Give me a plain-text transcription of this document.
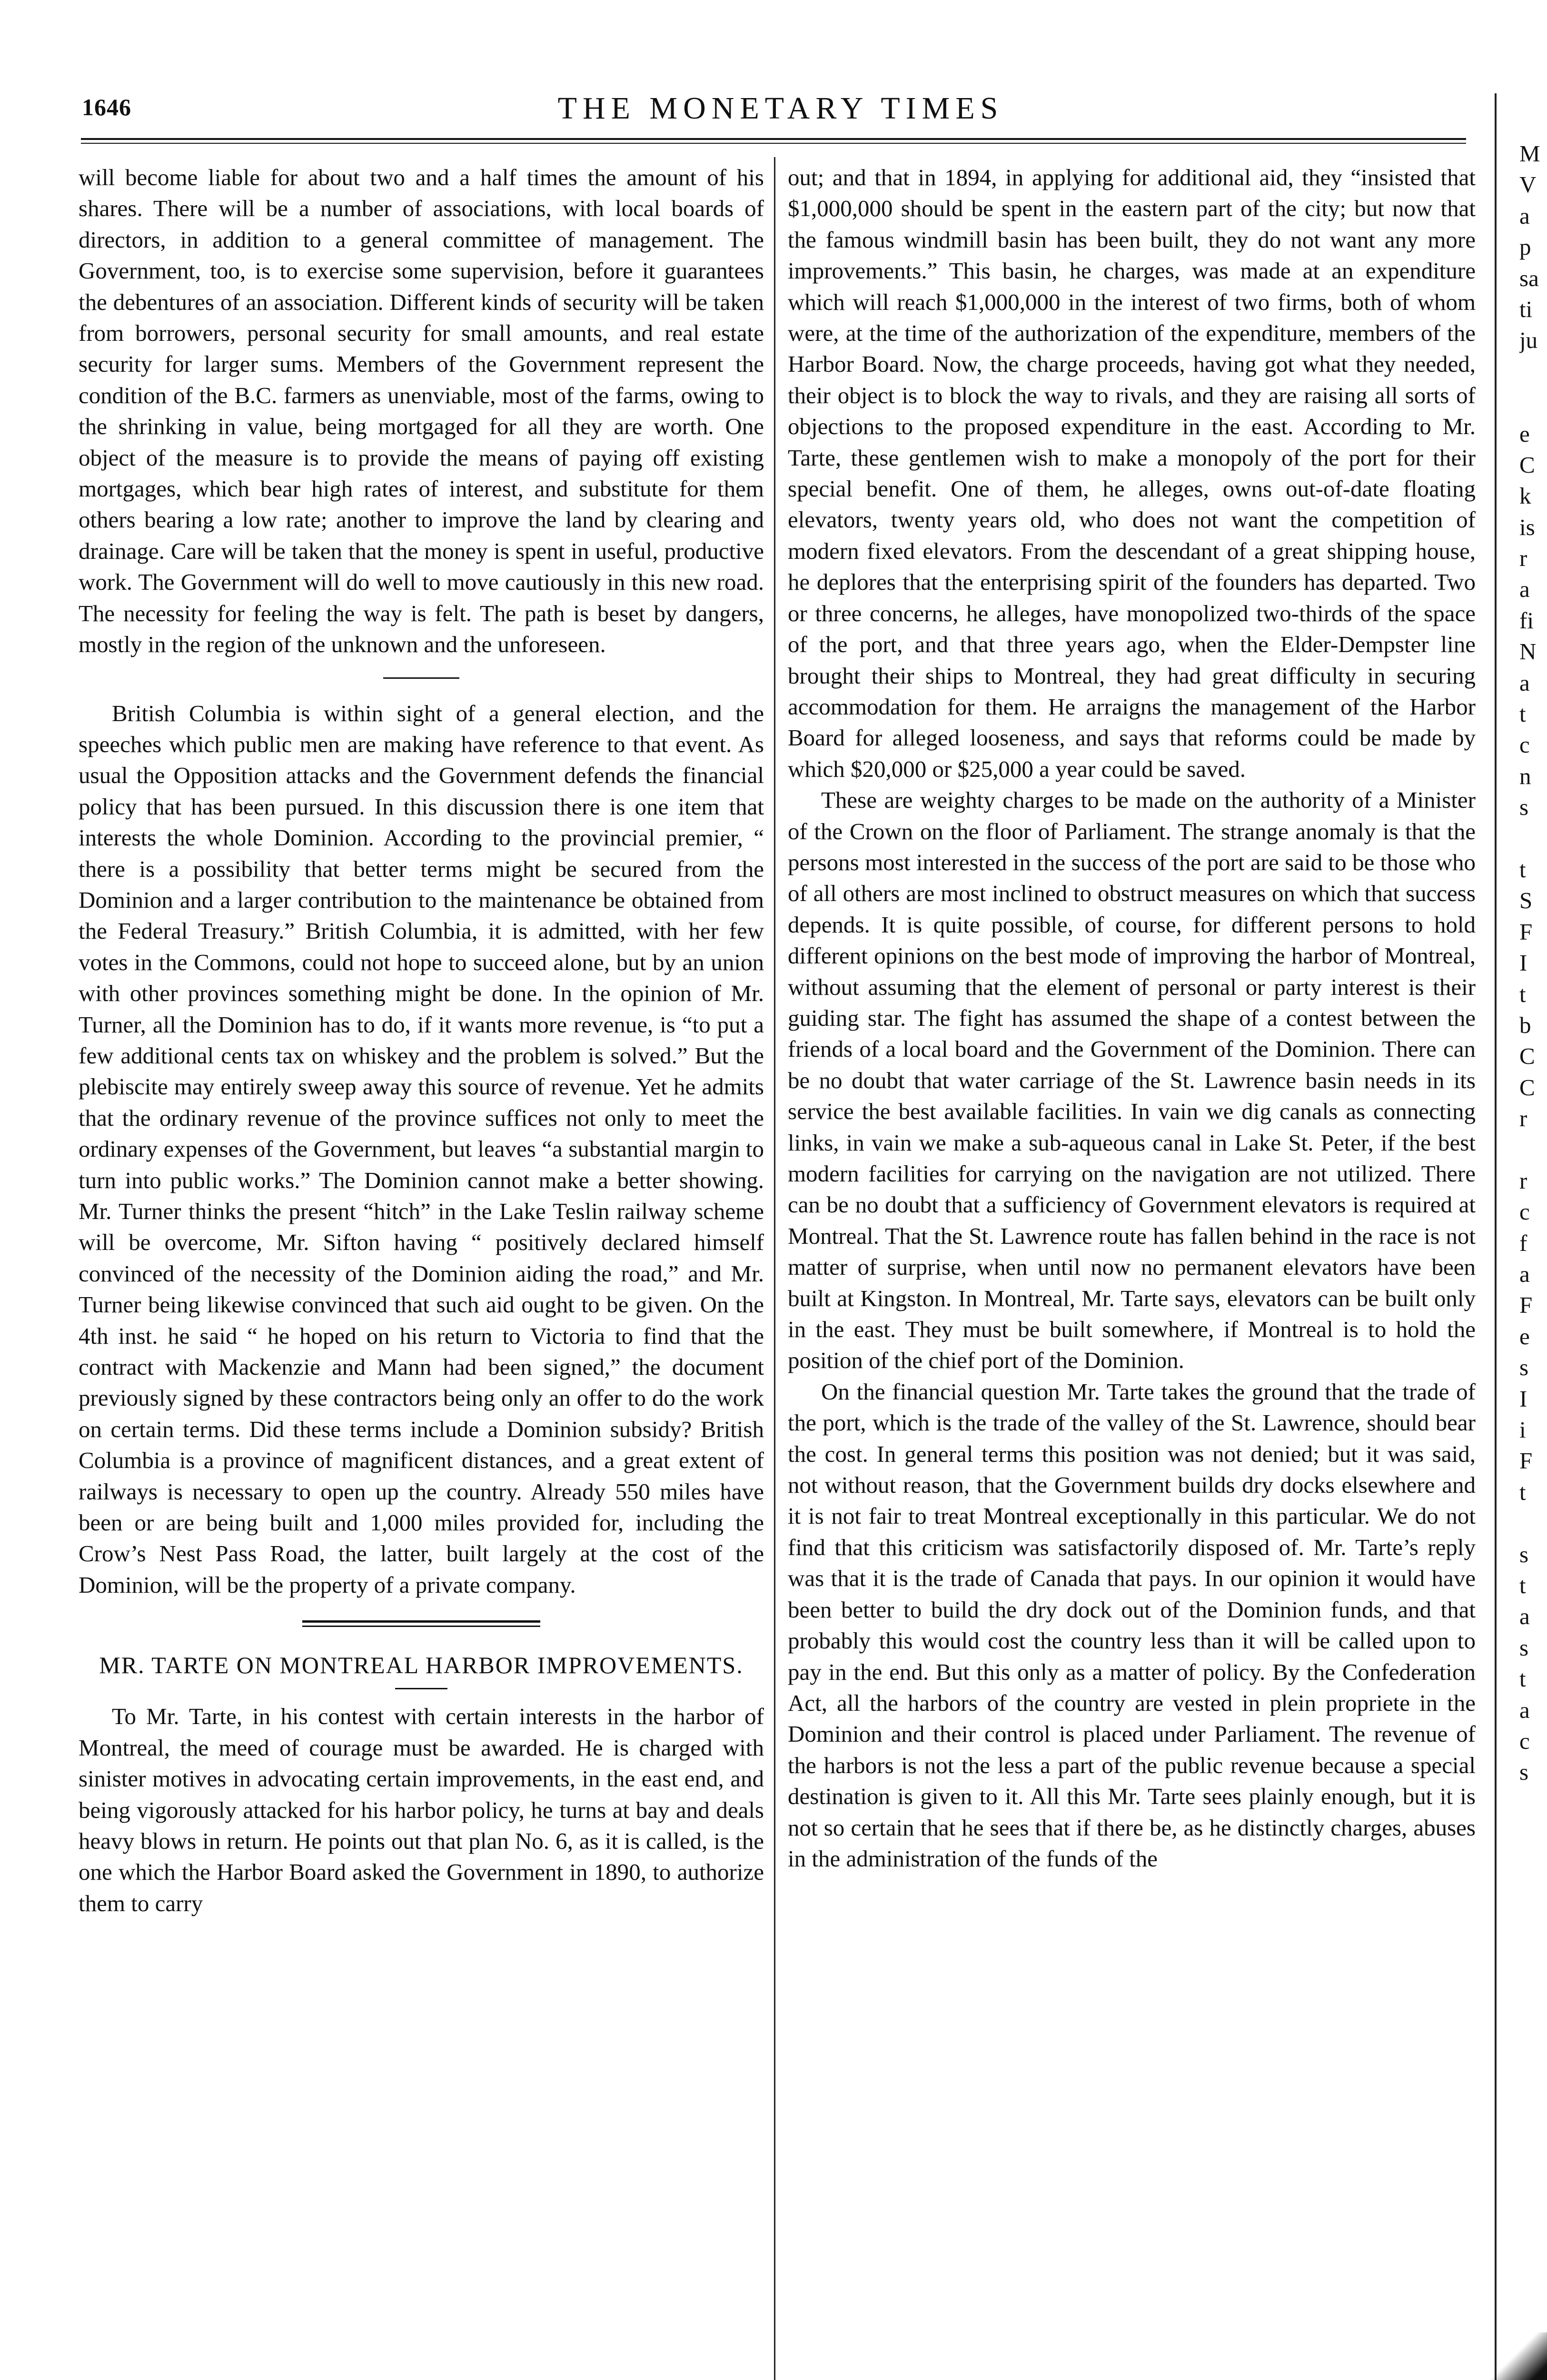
1646	THE MONETARY TIMES

will become liable for about two and a half times the amount of his shares. There will be a number of associations, with local boards of directors, in addition to a general committee of management. The Government, too, is to exercise some supervision, before it guarantees the debentures of an association. Different kinds of security will be taken from borrowers, personal security for small amounts, and real estate security for larger sums. Members of the Government represent the condition of the B.C. farmers as unenviable, most of the farms, owing to the shrinking in value, being mortgaged for all they are worth. One object of the measure is to provide the means of paying off existing mortgages, which bear high rates of interest, and substitute for them others bearing a low rate; another to improve the land by clearing and drainage. Care will be taken that the money is spent in useful, productive work. The Government will do well to move cautiously in this new road. The necessity for feeling the way is felt. The path is beset by dangers, mostly in the region of the unknown and the unforeseen.

British Columbia is within sight of a general election, and the speeches which public men are making have reference to that event. As usual the Opposition attacks and the Government defends the financial policy that has been pursued. In this discussion there is one item that interests the whole Dominion. According to the provincial premier, “ there is a possibility that better terms might be secured from the Dominion and a larger contribution to the maintenance be obtained from the Federal Treasury.” British Columbia, it is admitted, with her few votes in the Commons, could not hope to succeed alone, but by an union with other provinces something might be done. In the opinion of Mr. Turner, all the Dominion has to do, if it wants more revenue, is “to put a few additional cents tax on whiskey and the problem is solved.” But the plebiscite may entirely sweep away this source of revenue. Yet he admits that the ordinary revenue of the province suffices not only to meet the ordinary expenses of the Government, but leaves “a substantial margin to turn into public works.” The Dominion cannot make a better showing. Mr. Turner thinks the present “hitch” in the Lake Teslin railway scheme will be overcome, Mr. Sifton having “ positively declared himself convinced of the necessity of the Dominion aiding the road,” and Mr. Turner being likewise convinced that such aid ought to be given. On the 4th inst. he said “ he hoped on his return to Victoria to find that the contract with Mackenzie and Mann had been signed,” the document previously signed by these contractors being only an offer to do the work on certain terms. Did these terms include a Dominion subsidy? British Columbia is a province of magnificent distances, and a great extent of railways is necessary to open up the country. Already 550 miles have been or are being built and 1,000 miles provided for, including the Crow’s Nest Pass Road, the latter, built largely at the cost of the Dominion, will be the property of a private company.

MR. TARTE ON MONTREAL HARBOR IMPROVEMENTS.

To Mr. Tarte, in his contest with certain interests in the harbor of Montreal, the meed of courage must be awarded. He is charged with sinister motives in advocating certain improvements, in the east end, and being vigorously attacked for his harbor policy, he turns at bay and deals heavy blows in return. He points out that plan No. 6, as it is called, is the one which the Harbor Board asked the Government in 1890, to authorize them to carry

out; and that in 1894, in applying for additional aid, they “insisted that $1,000,000 should be spent in the eastern part of the city; but now that the famous windmill basin has been built, they do not want any more improvements.” This basin, he charges, was made at an expenditure which will reach $1,000,000 in the interest of two firms, both of whom were, at the time of the authorization of the expenditure, members of the Harbor Board. Now, the charge proceeds, having got what they needed, their object is to block the way to rivals, and they are raising all sorts of objections to the proposed expenditure in the east. According to Mr. Tarte, these gentlemen wish to make a monopoly of the port for their special benefit. One of them, he alleges, owns out-of-date floating elevators, twenty years old, who does not want the competition of modern fixed elevators. From the descendant of a great shipping house, he deplores that the enterprising spirit of the founders has departed. Two or three concerns, he alleges, have monopolized two-thirds of the space of the port, and that three years ago, when the Elder-Dempster line brought their ships to Montreal, they had great difficulty in securing accommodation for them. He arraigns the management of the Harbor Board for alleged looseness, and says that reforms could be made by which $20,000 or $25,000 a year could be saved.

These are weighty charges to be made on the authority of a Minister of the Crown on the floor of Parliament. The strange anomaly is that the persons most interested in the success of the port are said to be those who of all others are most inclined to obstruct measures on which that success depends. It is quite possible, of course, for different persons to hold different opinions on the best mode of improving the harbor of Montreal, without assuming that the element of personal or party interest is their guiding star. The fight has assumed the shape of a contest between the friends of a local board and the Government of the Dominion. There can be no doubt that water carriage of the St. Lawrence basin needs in its service the best available facilities. In vain we dig canals as connecting links, in vain we make a sub-aqueous canal in Lake St. Peter, if the best modern facilities for carrying on the navigation are not utilized. There can be no doubt that a sufficiency of Government elevators is required at Montreal. That the St. Lawrence route has fallen behind in the race is not matter of surprise, when until now no permanent elevators have been built at Kingston. In Montreal, Mr. Tarte says, elevators can be built only in the east. They must be built somewhere, if Montreal is to hold the position of the chief port of the Dominion.

On the financial question Mr. Tarte takes the ground that the trade of the port, which is the trade of the valley of the St. Lawrence, should bear the cost. In general terms this position was not denied; but it was said, not without reason, that the Government builds dry docks elsewhere and it is not fair to treat Montreal exceptionally in this particular. We do not find that this criticism was satisfactorily disposed of. Mr. Tarte’s reply was that it is the trade of Canada that pays. In our opinion it would have been better to build the dry dock out of the Dominion funds, and that probably this would cost the country less than it will be called upon to pay in the end. But this only as a matter of policy. By the Confederation Act, all the harbors of the country are vested in plein propriete in the Dominion and their control is placed under Parliament. The revenue of the harbors is not the less a part of the public revenue because a special destination is given to it. All this Mr. Tarte sees plainly enough, but it is not so certain that he sees that if there be, as he distinctly charges, abuses in the administration of the funds of the

M
V
a
p
sa
ti
ju
e
C
k
is
r
a
fi
N
a
t
c
n
s
t
S
F
I
t
b
C
C
r
r
c
f
a
F
e
s
I
i
F
t
s
t
a
s
t
a
c
s
